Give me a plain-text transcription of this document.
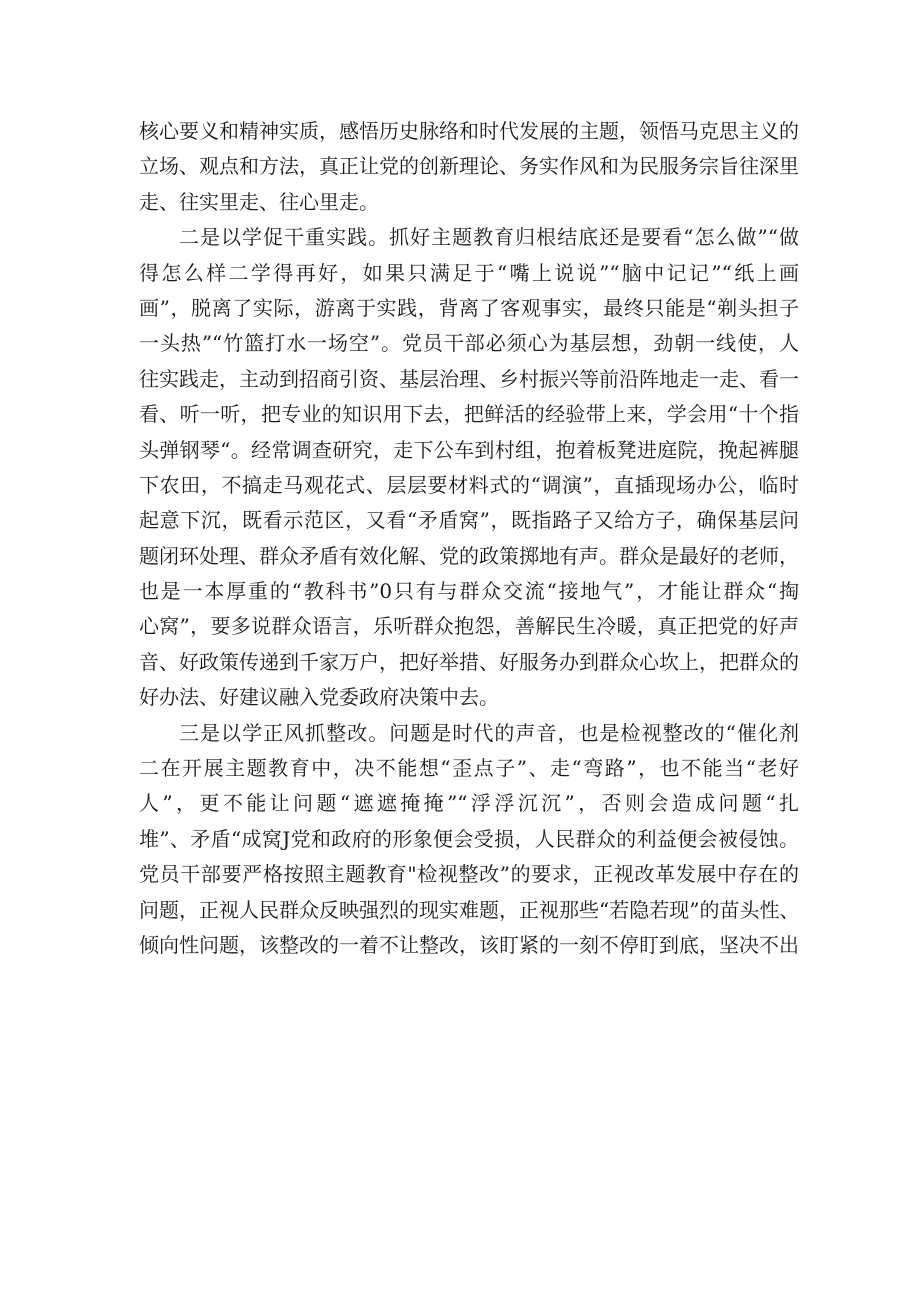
核心要义和精神实质，感悟历史脉络和时代发展的主题，领悟马克思主义的
立场、观点和方法，真正让党的创新理论、务实作风和为民服务宗旨往深里
走、往实里走、往心里走。
二是以学促干重实践。抓好主题教育归根结底还是要看“怎么做”“做
得怎么样二学得再好，如果只满足于“嘴上说说”“脑中记记”“纸上画
画”，脱离了实际，游离于实践，背离了客观事实，最终只能是“剃头担子
一头热”“竹篮打水一场空”。党员干部必须心为基层想，劲朝一线使，人
往实践走，主动到招商引资、基层治理、乡村振兴等前沿阵地走一走、看一
看、听一听，把专业的知识用下去，把鲜活的经验带上来，学会用“十个指
头弹钢琴“。经常调查研究，走下公车到村组，抱着板凳进庭院，挽起裤腿
下农田，不搞走马观花式、层层要材料式的“调演”，直插现场办公，临时
起意下沉，既看示范区，又看“矛盾窝”，既指路子又给方子，确保基层问
题闭环处理、群众矛盾有效化解、党的政策掷地有声。群众是最好的老师，
也是一本厚重的“教科书”0只有与群众交流“接地气”，才能让群众“掏
心窝”，要多说群众语言，乐听群众抱怨，善解民生冷暖，真正把党的好声
音、好政策传递到千家万户，把好举措、好服务办到群众心坎上，把群众的
好办法、好建议融入党委政府决策中去。
三是以学正风抓整改。问题是时代的声音，也是检视整改的“催化剂
二在开展主题教育中，决不能想“歪点子”、走“弯路”，也不能当“老好
人”，更不能让问题“遮遮掩掩”“浮浮沉沉”，否则会造成问题“扎
堆”、矛盾“成窝J党和政府的形象便会受损，人民群众的利益便会被侵蚀。
党员干部要严格按照主题教育"检视整改”的要求，正视改革发展中存在的
问题，正视人民群众反映强烈的现实难题，正视那些“若隐若现”的苗头性、
倾向性问题，该整改的一着不让整改，该盯紧的一刻不停盯到底，坚决不出
